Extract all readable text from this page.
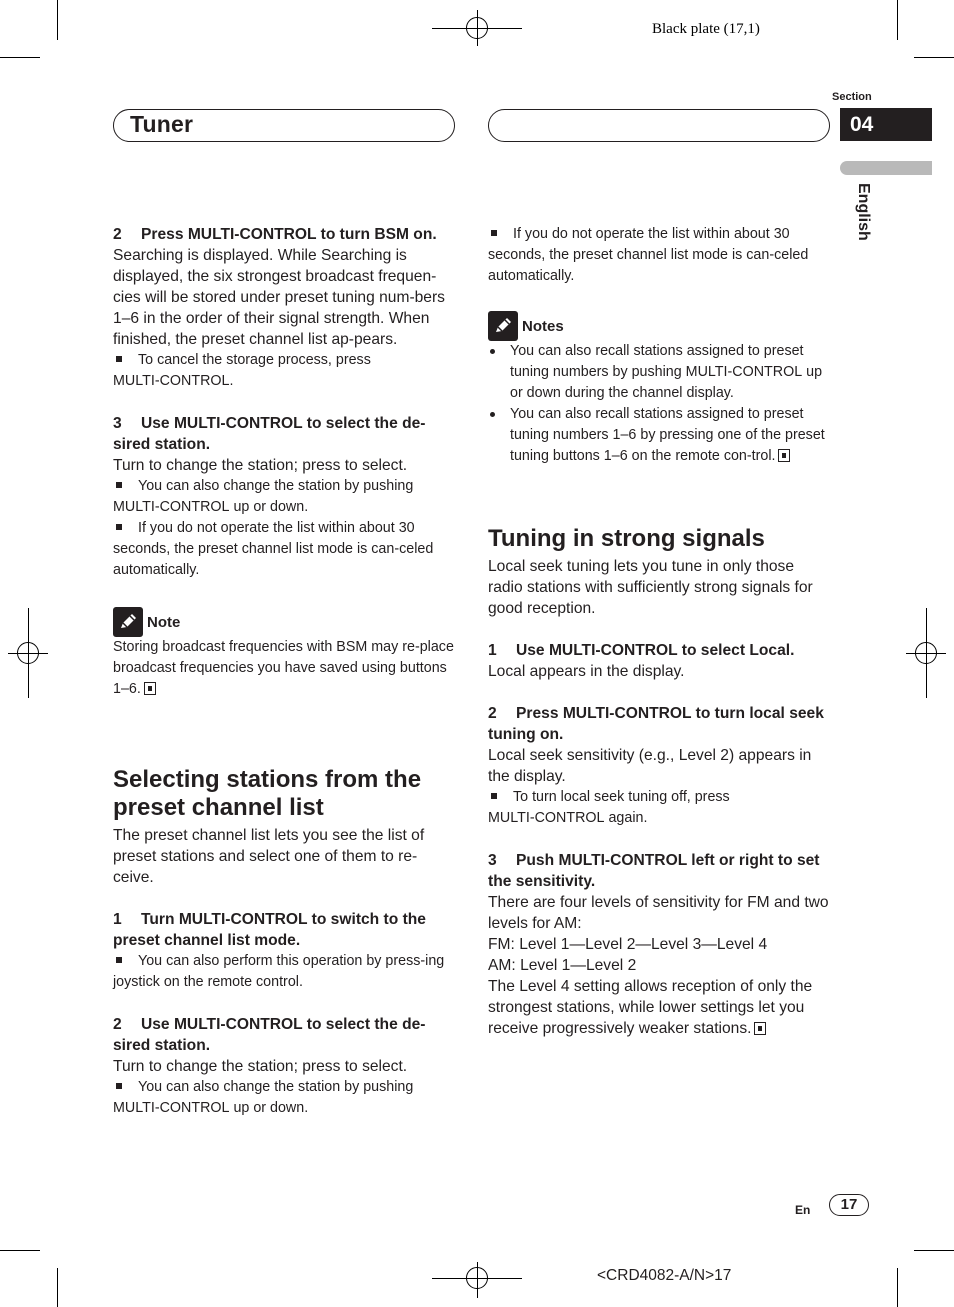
Black plate (17,1)
Tuner
Section
04
English

2 Press MULTI-CONTROL to turn BSM on.

Searching is displayed. While Searching is displayed, the six strongest broadcast frequen-cies will be stored under preset tuning num-bers 1–6 in the order of their signal strength. When finished, the preset channel list ap-pears.

To cancel the storage process, press
MULTI-CONTROL.

3 Use MULTI-CONTROL to select the de-sired station.

Turn to change the station; press to select.

You can also change the station by pushing
MULTI-CONTROL up or down.

If you do not operate the list within about 30 seconds, the preset channel list mode is can-celed automatically.

Note

Storing broadcast frequencies with BSM may re-place broadcast frequencies you have saved using buttons 1–6.

Selecting stations from the preset channel list

The preset channel list lets you see the list of preset stations and select one of them to re-ceive.

1 Turn MULTI-CONTROL to switch to the preset channel list mode.

You can also perform this operation by press-ing joystick on the remote control.

2 Use MULTI-CONTROL to select the de-sired station.

Turn to change the station; press to select.

You can also change the station by pushing
MULTI-CONTROL up or down.

If you do not operate the list within about 30 seconds, the preset channel list mode is can-celed automatically.

Notes

You can also recall stations assigned to preset tuning numbers by pushing MULTI-CONTROL up or down during the channel display.

You can also recall stations assigned to preset tuning numbers 1–6 by pressing one of the preset tuning buttons 1–6 on the remote con-trol.

Tuning in strong signals

Local seek tuning lets you tune in only those radio stations with sufficiently strong signals for good reception.

1 Use MULTI-CONTROL to select Local.

Local appears in the display.

2 Press MULTI-CONTROL to turn local seek tuning on.

Local seek sensitivity (e.g., Level 2) appears in the display.

To turn local seek tuning off, press
MULTI-CONTROL again.

3 Push MULTI-CONTROL left or right to set the sensitivity.

There are four levels of sensitivity for FM and two levels for AM:

FM: Level 1—Level 2—Level 3—Level 4

AM: Level 1—Level 2

The Level 4 setting allows reception of only the strongest stations, while lower settings let you receive progressively weaker stations.

En	17
<CRD4082-A/N>17
